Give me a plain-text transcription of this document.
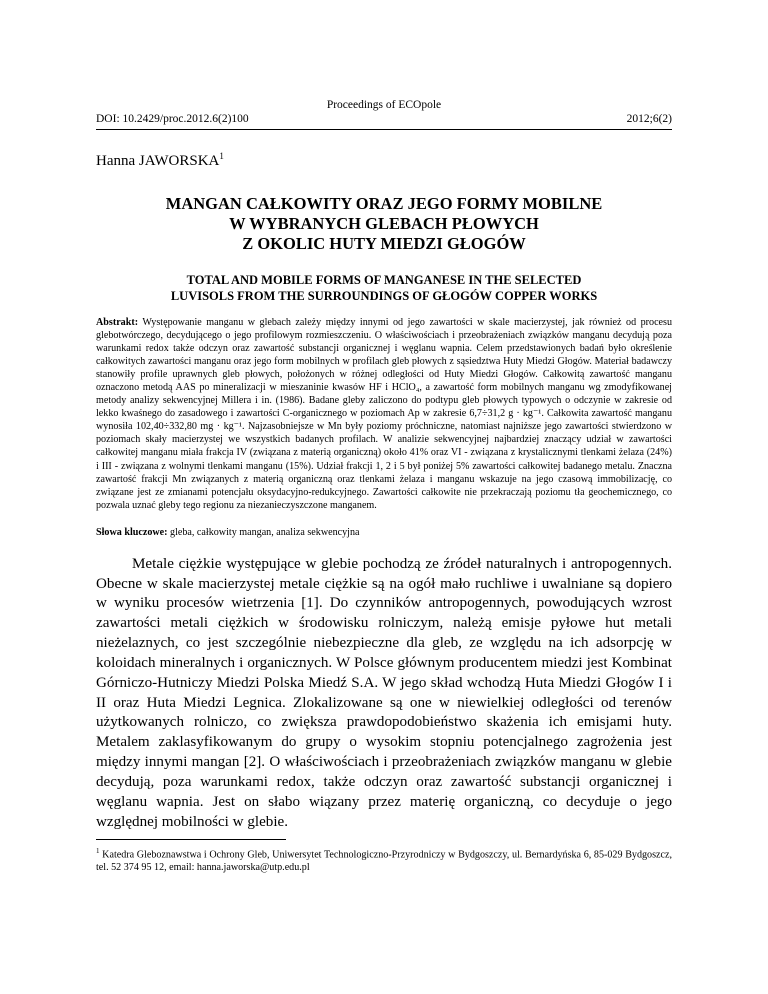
Proceedings of ECOpole
DOI: 10.2429/proc.2012.6(2)100	2012;6(2)
Hanna JAWORSKA$^1$
MANGAN CAŁKOWITY ORAZ JEGO FORMY MOBILNE
W WYBRANYCH GLEBACH PŁOWYCH
Z OKOLIC HUTY MIEDZI GŁOGÓW
TOTAL AND MOBILE FORMS OF MANGANESE IN THE SELECTED
LUVISOLS FROM THE SURROUNDINGS OF GŁOGÓW COPPER WORKS
Abstrakt: Występowanie manganu w glebach zależy między innymi od jego zawartości w skale macierzystej, jak również od procesu glebotwórczego, decydującego o jego profilowym rozmieszczeniu. O właściwościach i przeobrażeniach związków manganu decydują poza warunkami redox także odczyn oraz zawartość substancji organicznej i węglanu wapnia. Celem przedstawionych badań było określenie całkowitych zawartości manganu oraz jego form mobilnych w profilach gleb płowych z sąsiedztwa Huty Miedzi Głogów. Materiał badawczy stanowiły profile uprawnych gleb płowych, położonych w różnej odległości od Huty Miedzi Głogów. Całkowitą zawartość manganu oznaczono metodą AAS po mineralizacji w mieszaninie kwasów HF i HClO₄, a zawartość form mobilnych manganu wg zmodyfikowanej metody analizy sekwencyjnej Millera i in. (1986). Badane gleby zaliczono do podtypu gleb płowych typowych o odczynie w zakresie od lekko kwaśnego do zasadowego i zawartości C-organicznego w poziomach Ap w zakresie 6,7÷31,2 g · kg⁻¹. Całkowita zawartość manganu wynosiła 102,40÷332,80 mg · kg⁻¹. Najzasobniejsze w Mn były poziomy próchniczne, natomiast najniższe jego zawartości stwierdzono w poziomach skały macierzystej we wszystkich badanych profilach. W analizie sekwencyjnej najbardziej znaczący udział w zawartości całkowitej manganu miała frakcja IV (związana z materią organiczną) około 41% oraz VI - związana z krystalicznymi tlenkami żelaza (24%) i III - związana z wolnymi tlenkami manganu (15%). Udział frakcji 1, 2 i 5 był poniżej 5% zawartości całkowitej badanego metalu. Znaczna zawartość frakcji Mn związanych z materią organiczną oraz tlenkami żelaza i manganu wskazuje na jego czasową immobilizację, co związane jest ze zmianami potencjału oksydacyjno-redukcyjnego. Zawartości całkowite nie przekraczają poziomu tła geochemicznego, co pozwala uznać gleby tego regionu za niezanieczyszczone manganem.
Słowa kluczowe: gleba, całkowity mangan, analiza sekwencyjna
Metale ciężkie występujące w glebie pochodzą ze źródeł naturalnych i antropogennych. Obecne w skale macierzystej metale ciężkie są na ogół mało ruchliwe i uwalniane są dopiero w wyniku procesów wietrzenia [1]. Do czynników antropogennych, powodujących wzrost zawartości metali ciężkich w środowisku rolniczym, należą emisje pyłowe hut metali nieżelaznych, co jest szczególnie niebezpieczne dla gleb, ze względu na ich adsorpcję w koloidach mineralnych i organicznych. W Polsce głównym producentem miedzi jest Kombinat Górniczo-Hutniczy Miedzi Polska Miedź S.A. W jego skład wchodzą Huta Miedzi Głogów I i II oraz Huta Miedzi Legnica. Zlokalizowane są one w niewielkiej odległości od terenów użytkowanych rolniczo, co zwiększa prawdopodobieństwo skażenia ich emisjami huty. Metalem zaklasyfikowanym do grupy o wysokim stopniu potencjalnego zagrożenia jest między innymi mangan [2]. O właściwościach i przeobrażeniach związków manganu w glebie decydują, poza warunkami redox, także odczyn oraz zawartość substancji organicznej i węglanu wapnia. Jest on słabo wiązany przez materię organiczną, co decyduje o jego względnej mobilności w glebie.
$^1$ Katedra Gleboznawstwa i Ochrony Gleb, Uniwersytet Technologiczno-Przyrodniczy w Bydgoszczy, ul. Bernardyńska 6, 85-029 Bydgoszcz, tel. 52 374 95 12, email: hanna.jaworska@utp.edu.pl
